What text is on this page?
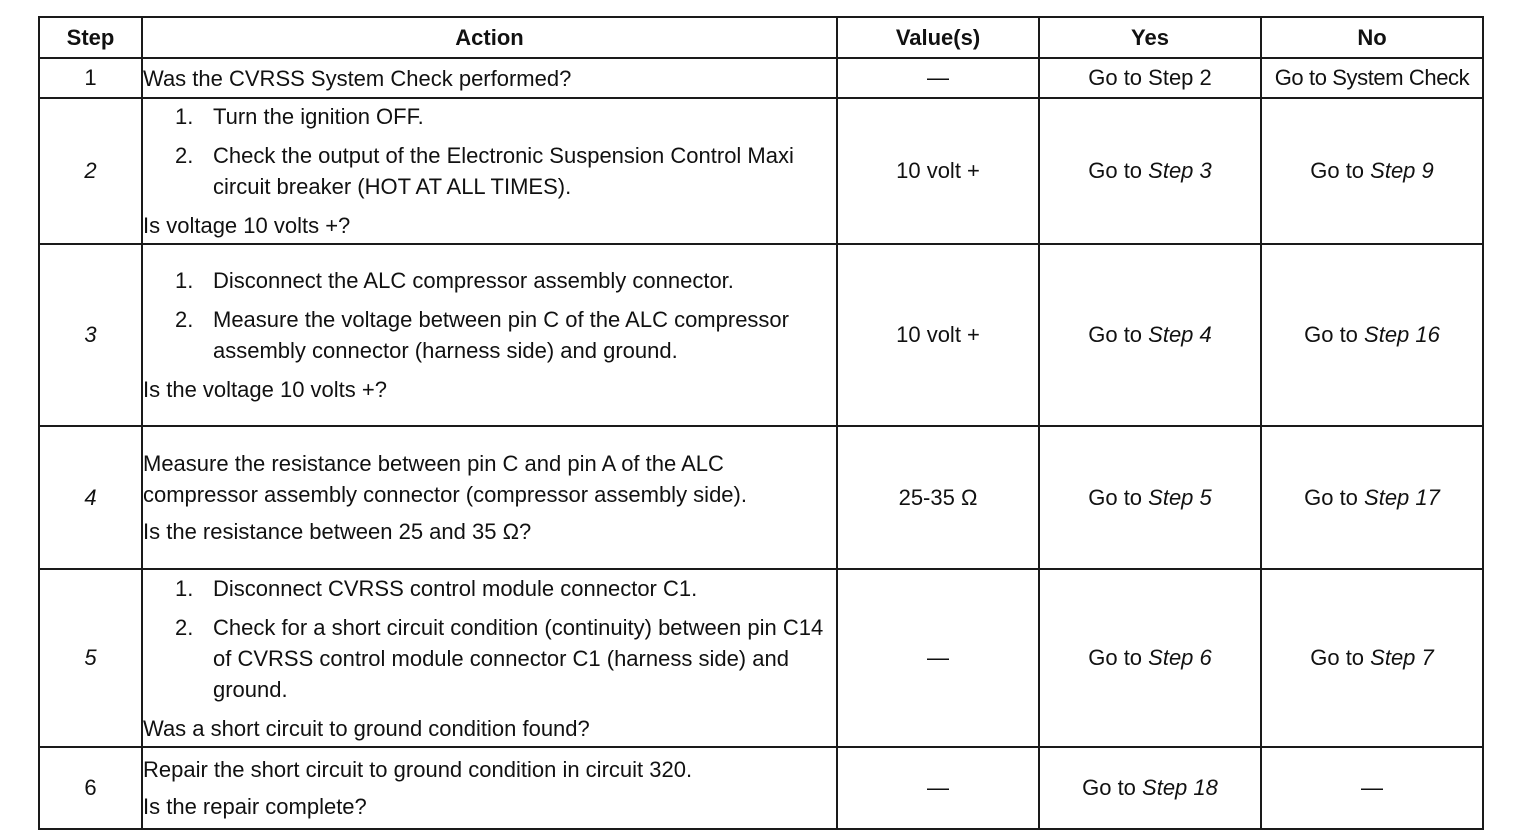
Step	Action	Value(s)	Yes	No
1	Was the CVRSS System Check performed?	—	Go to Step 2	Go to System Check
2	1. Turn the ignition OFF.
2. Check the output of the Electronic Suspension Control Maxi circuit breaker (HOT AT ALL TIMES).
Is voltage 10 volts +?	10 volt +	Go to Step 3	Go to Step 9
3	1. Disconnect the ALC compressor assembly connector.
2. Measure the voltage between pin C of the ALC compressor assembly connector (harness side) and ground.
Is the voltage 10 volts +?	10 volt +	Go to Step 4	Go to Step 16
4	Measure the resistance between pin C and pin A of the ALC compressor assembly connector (compressor assembly side).
Is the resistance between 25 and 35 Ω?	25-35 Ω	Go to Step 5	Go to Step 17
5	1. Disconnect CVRSS control module connector C1.
2. Check for a short circuit condition (continuity) between pin C14 of CVRSS control module connector C1 (harness side) and ground.
Was a short circuit to ground condition found?	—	Go to Step 6	Go to Step 7
6	Repair the short circuit to ground condition in circuit 320.
Is the repair complete?	—	Go to Step 18	—
